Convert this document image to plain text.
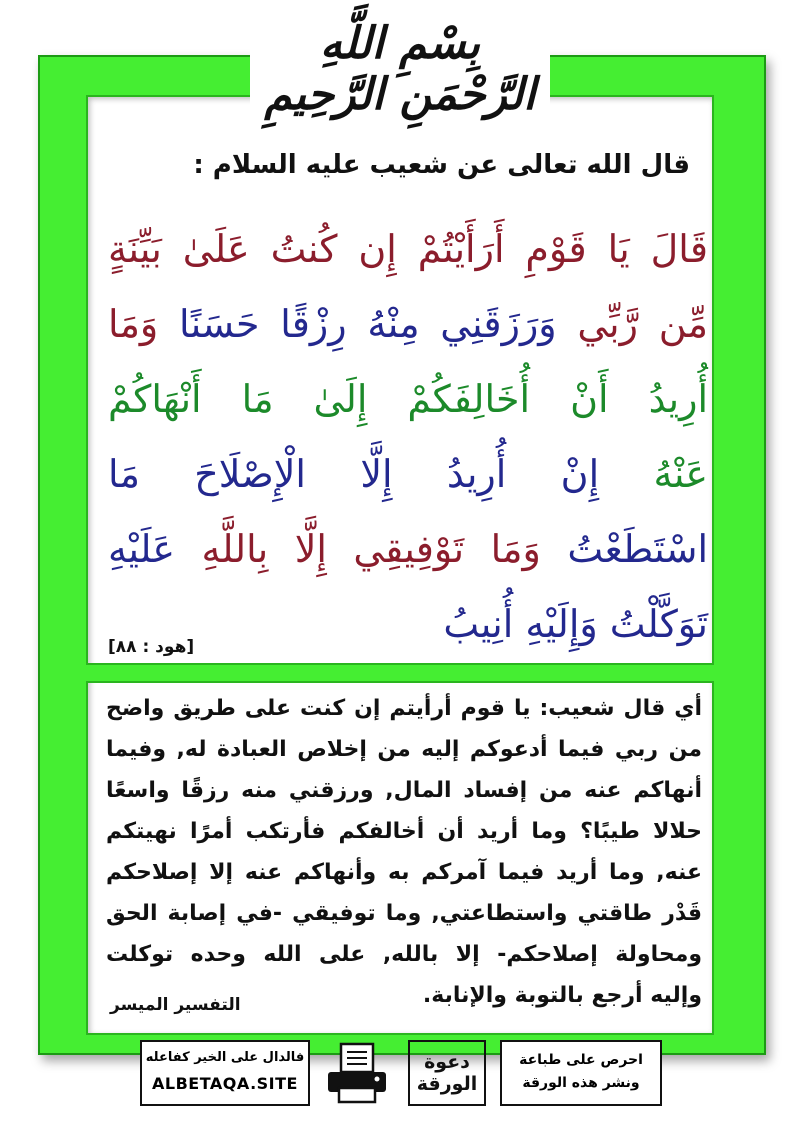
بِسْمِ اللَّهِ الرَّحْمَنِ الرَّحِيمِ
قال الله تعالى عن شعيب عليه السلام :
قَالَ يَا قَوْمِ أَرَأَيْتُمْ إِن كُنتُ عَلَىٰ بَيِّنَةٍ
مِّن رَّبِّي وَرَزَقَنِي مِنْهُ رِزْقًا حَسَنًا وَمَا
أُرِيدُ أَنْ أُخَالِفَكُمْ إِلَىٰ مَا أَنْهَاكُمْ
عَنْهُ إِنْ أُرِيدُ إِلَّا الْإِصْلَاحَ مَا
اسْتَطَعْتُ وَمَا تَوْفِيقِي إِلَّا بِاللَّهِ عَلَيْهِ
تَوَكَّلْتُ وَإِلَيْهِ أُنِيبُ
[هود : ٨٨]
أي قال شعيب: يا قوم أرأيتم إن كنت على طريق واضح
من ربي فيما أدعوكم إليه من إخلاص العبادة له, وفيما
أنهاكم عنه من إفساد المال, ورزقني منه رزقًا واسعًا
حلالا طيبًا؟ وما أريد أن أخالفكم فأرتكب أمرًا نهيتكم
عنه, وما أريد فيما آمركم به وأنهاكم عنه إلا إصلاحكم
قَدْر طاقتي واستطاعتي, وما توفيقي -في إصابة الحق
ومحاولة إصلاحكم- إلا بالله, على الله وحده توكلت
وإليه أرجع بالتوبة والإنابة.
التفسير الميسر
فالدال على الخير كفاعله
ALBETAQA.SITE
دعوة
الورقة
احرص على طباعة
ونشر هذه الورقة
